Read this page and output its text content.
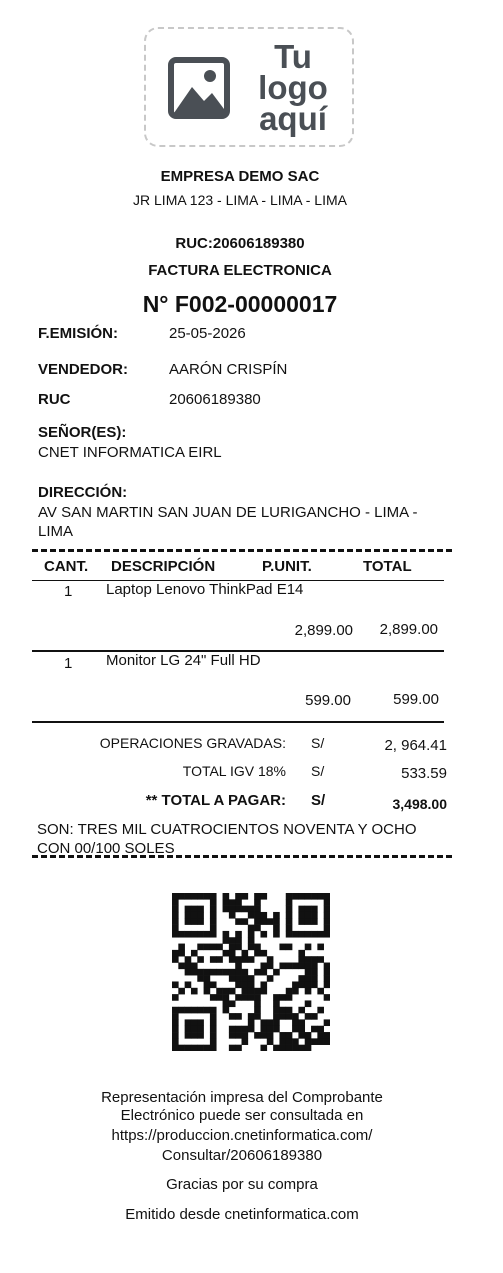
Tu
logo
aquí
EMPRESA DEMO SAC
JR LIMA 123 - LIMA - LIMA - LIMA
RUC:20606189380
FACTURA ELECTRONICA
N° F002-00000017
F.EMISIÓN:	25-05-2026
VENDEDOR:	AARÓN CRISPÍN
RUC	20606189380
SEÑOR(ES):
CNET INFORMATICA EIRL
DIRECCIÓN:
AV SAN MARTIN SAN JUAN DE LURIGANCHO - LIMA - LIMA
CANT. DESCRIPCIÓN	P.UNIT.	TOTAL
1 Laptop Lenovo ThinkPad E14
2,899.00	2,899.00
1 Monitor LG 24" Full HD
599.00	599.00
OPERACIONES GRAVADAS: S/	2, 964.41
TOTAL IGV 18% S/	533.59
** TOTAL A PAGAR: S/	3,498.00
SON: TRES MIL CUATROCIENTOS NOVENTA Y OCHO CON 00/100 SOLES
Representación impresa del Comprobante
Electrónico puede ser consultada en
https://produccion.cnetinformatica.com/
Consultar/20606189380
Gracias por su compra
Emitido desde cnetinformatica.com
